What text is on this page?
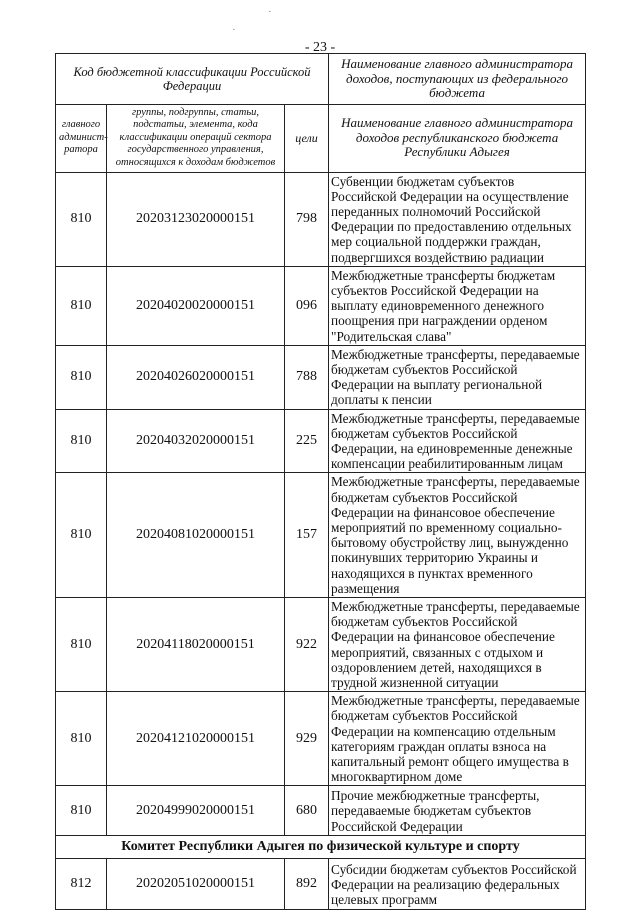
- 23 -
Код бюджетной классификации Российской Федерации			Наименование главного администратора доходов, поступающих из федерального бюджета
главного админист-ратора	группы, подгруппы, статьи, подстатьи, элемента, кода классификации операций сектора государственного управления, относящихся к доходам бюджетов	цели	Наименование главного администратора доходов республиканского бюджета Республики Адыгея
810	20203123020000151	798	Субвенции бюджетам субъектов Российской Федерации на осуществление переданных полномочий Российской Федерации по предоставлению отдельных мер социальной поддержки граждан, подвергшихся воздействию радиации
810	20204020020000151	096	Межбюджетные трансферты бюджетам субъектов Российской Федерации на выплату единовременного денежного поощрения при награждении орденом "Родительская слава"
810	20204026020000151	788	Межбюджетные трансферты, передаваемые бюджетам субъектов Российской Федерации на выплату региональной доплаты к пенсии
810	20204032020000151	225	Межбюджетные трансферты, передаваемые бюджетам субъектов Российской Федерации, на единовременные денежные компенсации реабилитированным лицам
810	20204081020000151	157	Межбюджетные трансферты, передаваемые бюджетам субъектов Российской Федерации на финансовое обеспечение мероприятий по временному социально-бытовому обустройству лиц, вынужденно покинувших территорию Украины и находящихся в пунктах временного размещения
810	20204118020000151	922	Межбюджетные трансферты, передаваемые бюджетам субъектов Российской Федерации на финансовое обеспечение мероприятий, связанных с отдыхом и оздоровлением детей, находящихся в трудной жизненной ситуации
810	20204121020000151	929	Межбюджетные трансферты, передаваемые бюджетам субъектов Российской Федерации на компенсацию отдельным категориям граждан оплаты взноса на капитальный ремонт общего имущества в многоквартирном доме
810	20204999020000151	680	Прочие межбюджетные трансферты, передаваемые бюджетам субъектов Российской Федерации
Комитет Республики Адыгея по физической культуре и спорту			
812	20202051020000151	892	Субсидии бюджетам субъектов Российской Федерации на реализацию федеральных целевых программ
·
·
